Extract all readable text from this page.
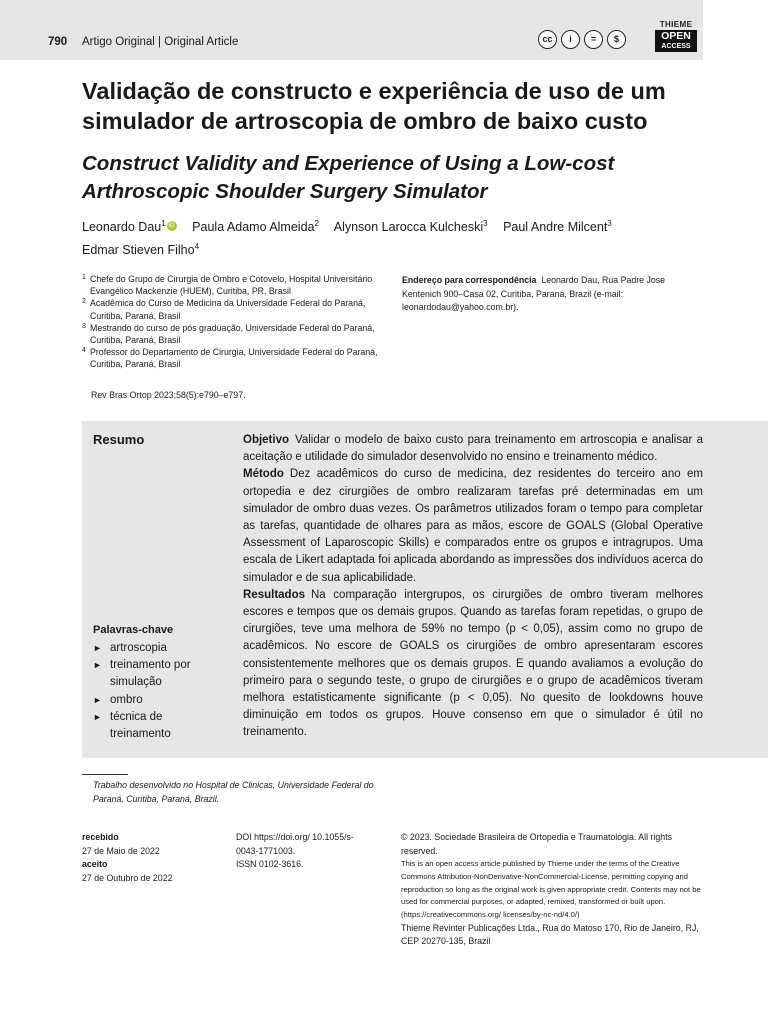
790 Artigo Original | Original Article	cc	i	=	$
THIEME
OPEN
ACCESS
Validação de constructo e experiência de uso de um simulador de artroscopia de ombro de baixo custo
Construct Validity and Experience of Using a Low-cost Arthroscopic Shoulder Surgery Simulator
Leonardo Dau$^1$ iD Paula Adamo Almeida$^2$ Alynson Larocca Kulcheski$^3$ Paul Andre Milcent$^3$
Edmar Stieven Filho$^4$
1 Chefe do Grupo de Cirurgia de Ombro e Cotovelo, Hospital Universitário Evangélico Mackenzie (HUEM), Curitiba, PR, Brasil
2 Acadêmica do Curso de Medicina da Universidade Federal do Paraná, Curitiba, Paraná, Brasil
3 Mestrando do curso de pós graduação, Universidade Federal do Paraná, Curitiba, Paraná, Brasil
4 Professor do Departamento de Cirurgia, Universidade Federal do Paraná, Curitiba, Paraná, Brasil
Endereço para correspondência Leonardo Dau, Rua Padre Jose Kentenich 900–Casa 02, Curitiba, Paraná, Brazil (e-mail: leonardodau@yahoo.com.br).
Rev Bras Ortop 2023;58(5):e790–e797.
Resumo
Palavras-chave
► artroscopia
► treinamento por simulação
► ombro
► técnica de treinamento

Objetivo Validar o modelo de baixo custo para treinamento em artroscopia e analisar a aceitação e utilidade do simulador desenvolvido no ensino e treinamento médico.

Método Dez acadêmicos do curso de medicina, dez residentes do terceiro ano em ortopedia e dez cirurgiões de ombro realizaram tarefas pré determinadas em um simulador de ombro duas vezes. Os parâmetros utilizados foram o tempo para completar as tarefas, quantidade de olhares para as mãos, escore de GOALS (Global Operative Assessment of Laparoscopic Skills) e comparados entre os grupos e intragrupos. Uma escala de Likert adaptada foi aplicada abordando as impressões dos indivíduos acerca do simulador e de sua aplicabilidade.

Resultados Na comparação intergrupos, os cirurgiões de ombro tiveram melhores escores e tempos que os demais grupos. Quando as tarefas foram repetidas, o grupo de cirurgiões, teve uma melhora de 59% no tempo (p < 0,05), assim como no grupo de acadêmicos. No escore de GOALS os cirurgiões de ombro apresentaram escores consistentemente melhores que os demais grupos. E quando avaliamos a evolução do primeiro para o segundo teste, o grupo de cirurgiões e o grupo de acadêmicos tiveram melhora estatisticamente significante (p < 0,05). No quesito de lookdowns houve diminuição em todos os grupos. Houve consenso em que o simulador é útil no treinamento.

Trabalho desenvolvido no Hospital de Clinicas, Universidade Federal do Paraná, Curitiba, Paraná, Brazil.
recebido
27 de Maio de 2022
aceito
27 de Outubro de 2022
DOI https://doi.org/ 10.1055/s-0043-1771003.
ISSN 0102-3616.
© 2023. Sociedade Brasileira de Ortopedia e Traumatologia. All rights reserved.
This is an open access article published by Thieme under the terms of the Creative Commons Attribution-NonDerivative-NonCommercial-License, permitting copying and reproduction so long as the original work is given appropriate credit. Contents may not be used for commercial purposes, or adapted, remixed, transformed or built upon. (https://creativecommons.org/ licenses/by-nc-nd/4.0/)
Thieme Revinter Publicações Ltda., Rua do Matoso 170, Rio de Janeiro, RJ, CEP 20270-135, Brazil
